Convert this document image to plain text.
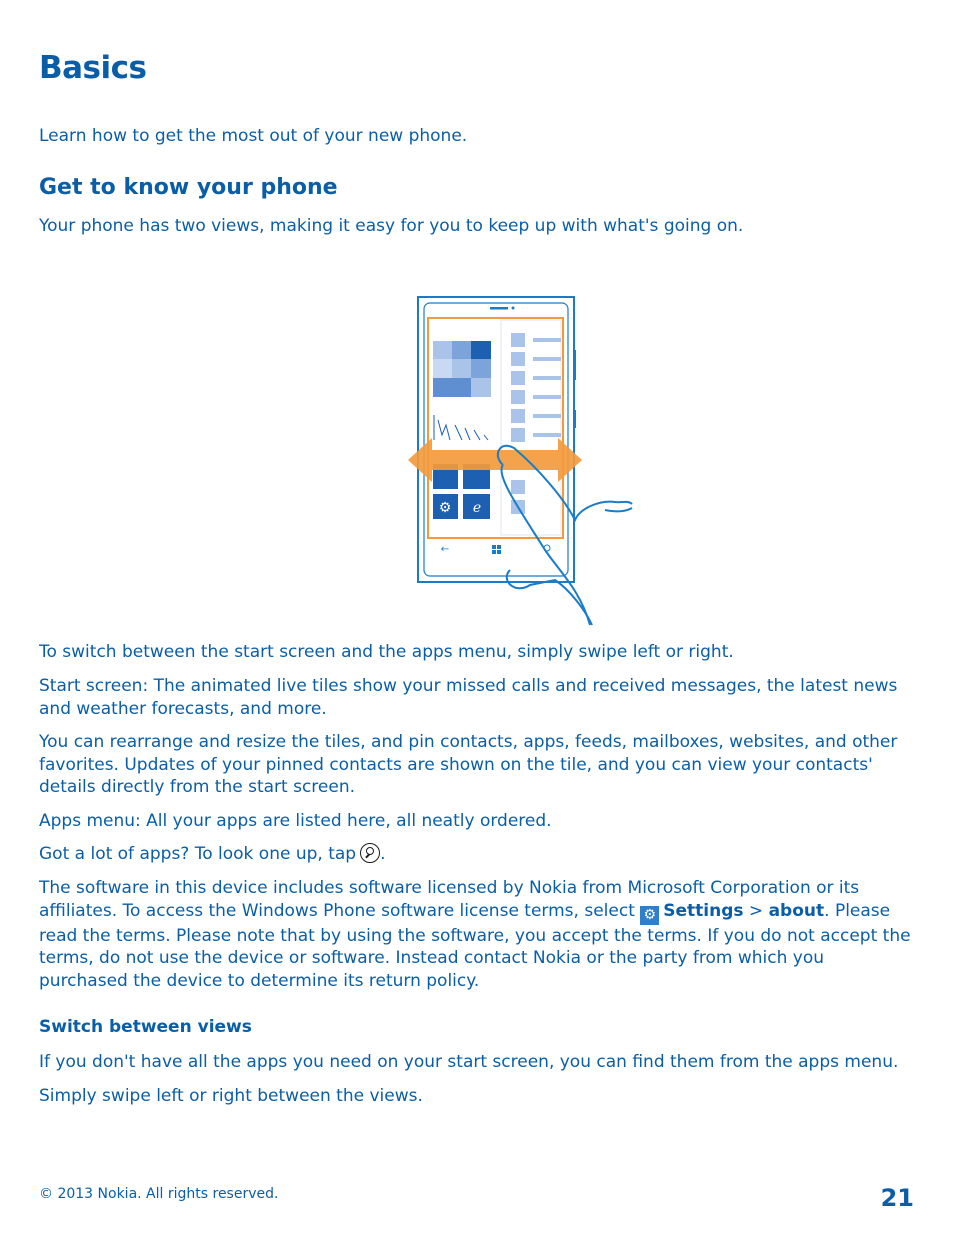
Basics

Learn how to get the most out of your new phone.

Get to know your phone

Your phone has two views, making it easy for you to keep up with what's going on.

⚙ e
←

To switch between the start screen and the apps menu, simply swipe left or right.

Start screen: The animated live tiles show your missed calls and received messages, the latest news and weather forecasts, and more.

You can rearrange and resize the tiles, and pin contacts, apps, feeds, mailboxes, websites, and other favorites. Updates of your pinned contacts are shown on the tile, and you can view your contacts' details directly from the start screen.

Apps menu: All your apps are listed here, all neatly ordered.

Got a lot of apps? To look one up, tap .

The software in this device includes software licensed by Nokia from Microsoft Corporation or its affiliates. To access the Windows Phone software license terms, select ⚙ Settings > about. Please read the terms. Please note that by using the software, you accept the terms. If you do not accept the terms, do not use the device or software. Instead contact Nokia or the party from which you purchased the device to determine its return policy.

Switch between views

If you don't have all the apps you need on your start screen, you can find them from the apps menu.

Simply swipe left or right between the views.

© 2013 Nokia. All rights reserved.	21
